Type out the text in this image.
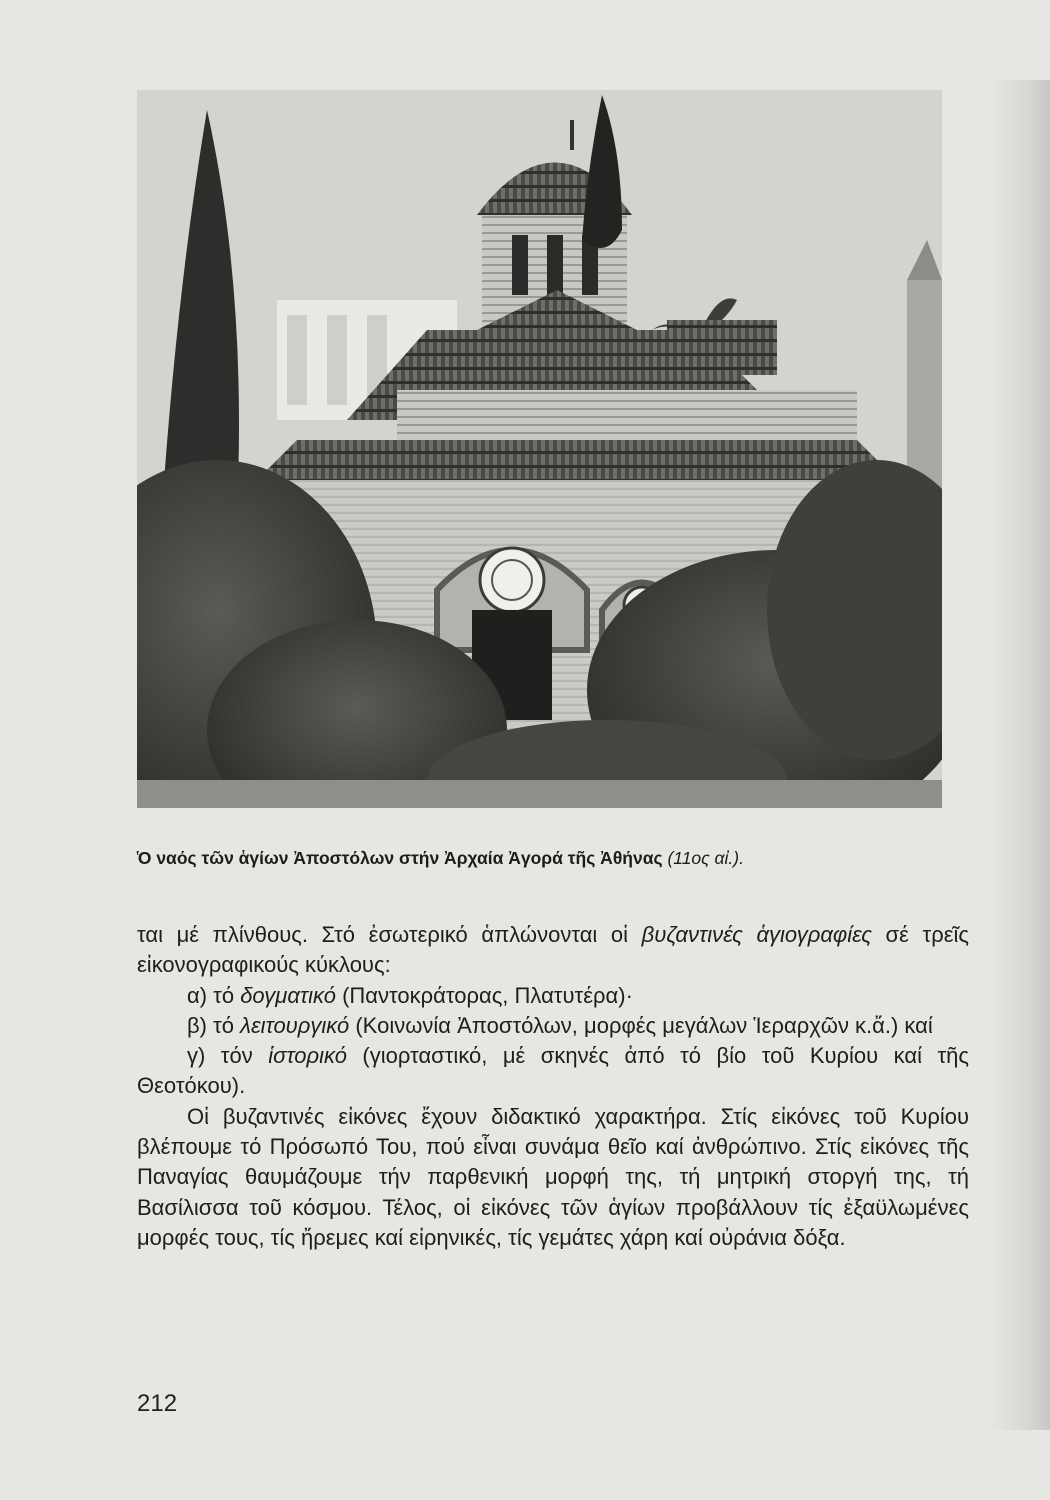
Ὁ ναός τῶν ἁγίων Ἀποστόλων στήν Ἀρχαία Ἀγορά τῆς Ἀθήνας (11ος αἰ.).

ται μέ πλίνθους. Στό ἐσωτερικό ἁπλώνονται οἱ βυζαντινές ἁγιογραφίες σέ τρεῖς εἰκονογραφικούς κύκλους:

α) τό δογματικό (Παντοκράτορας, Πλατυτέρα)·

β) τό λειτουργικό (Κοινωνία Ἀποστόλων, μορφές μεγάλων Ἱεραρχῶν κ.ἄ.) καί

γ) τόν ἱστορικό (γιορταστικό, μέ σκηνές ἀπό τό βίο τοῦ Κυρίου καί τῆς Θεοτόκου).

Οἱ βυζαντινές εἰκόνες ἔχουν διδακτικό χαρακτήρα. Στίς εἰκόνες τοῦ Κυρίου βλέπουμε τό Πρόσωπό Του, πού εἶναι συνάμα θεῖο καί ἀνθρώπινο. Στίς εἰκόνες τῆς Παναγίας θαυμάζουμε τήν παρθενική μορφή της, τή μητρική στοργή της, τή Βασίλισσα τοῦ κόσμου. Τέλος, οἱ εἰκόνες τῶν ἁγίων προβάλλουν τίς ἐξαϋλωμένες μορφές τους, τίς ἤρεμες καί εἰρηνικές, τίς γεμάτες χάρη καί οὐράνια δόξα.

212
